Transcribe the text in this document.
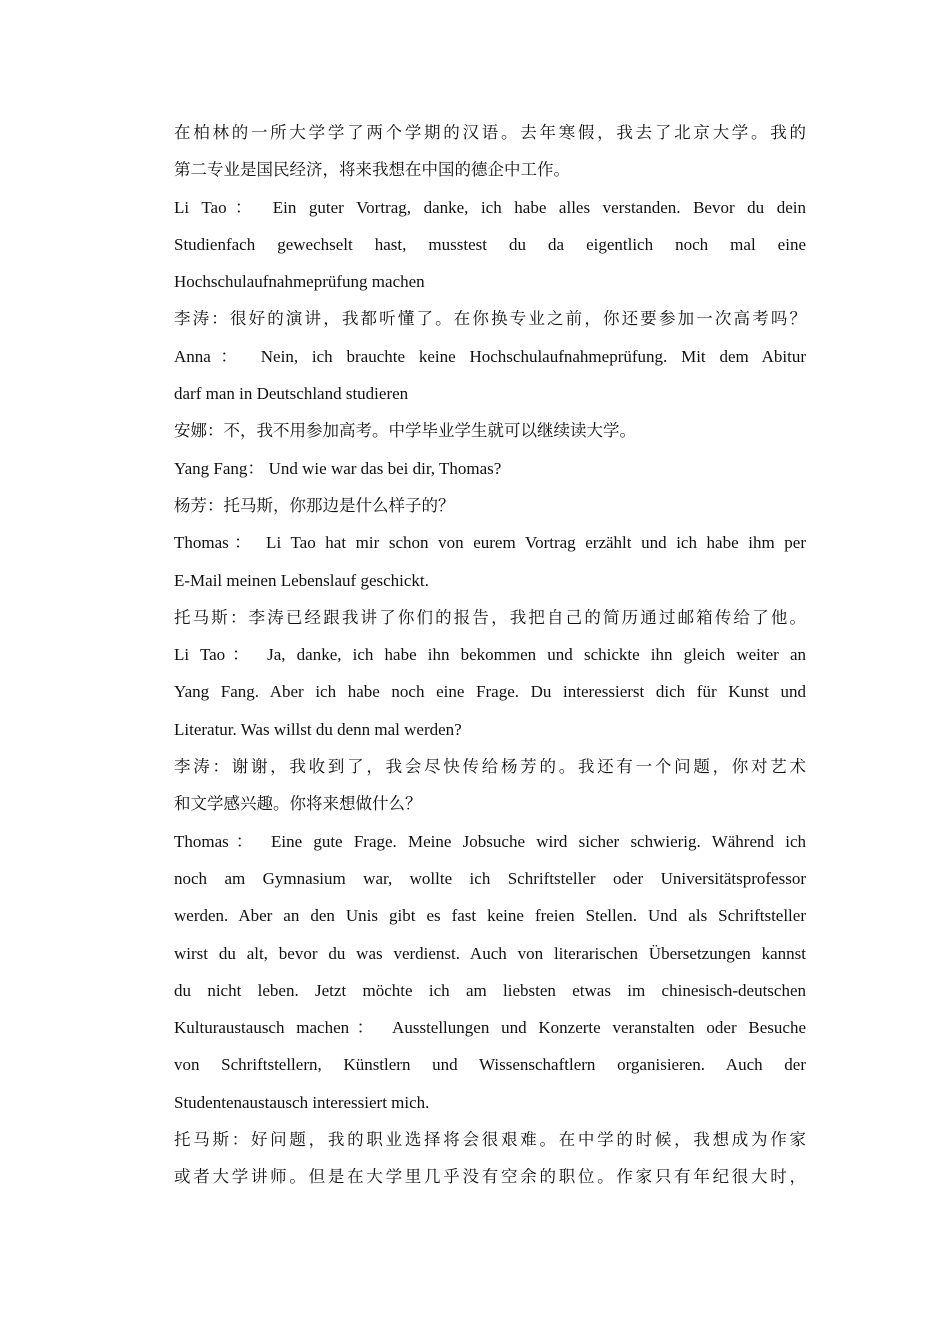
在柏林的一所大学学了两个学期的汉语。去年寒假，我去了北京大学。我的
第二专业是国民经济，将来我想在中国的德企中工作。
Li Tao： Ein guter Vortrag, danke, ich habe alles verstanden. Bevor du dein
Studienfach gewechselt hast, musstest du da eigentlich noch mal eine
Hochschulaufnahmeprüfung machen
李涛：很好的演讲，我都听懂了。在你换专业之前，你还要参加一次高考吗？
Anna： Nein, ich brauchte keine Hochschulaufnahmeprüfung. Mit dem Abitur
darf man in Deutschland studieren
安娜：不，我不用参加高考。中学毕业学生就可以继续读大学。
Yang Fang： Und wie war das bei dir, Thomas?
杨芳：托马斯，你那边是什么样子的？
Thomas： Li Tao hat mir schon von eurem Vortrag erzählt und ich habe ihm per
E-Mail meinen Lebenslauf geschickt.
托马斯：李涛已经跟我讲了你们的报告，我把自己的简历通过邮箱传给了他。
Li Tao： Ja, danke, ich habe ihn bekommen und schickte ihn gleich weiter an
Yang Fang. Aber ich habe noch eine Frage. Du interessierst dich für Kunst und
Literatur. Was willst du denn mal werden?
李涛：谢谢，我收到了，我会尽快传给杨芳的。我还有一个问题，你对艺术
和文学感兴趣。你将来想做什么？
Thomas： Eine gute Frage. Meine Jobsuche wird sicher schwierig. Während ich
noch am Gymnasium war, wollte ich Schriftsteller oder Universitätsprofessor
werden. Aber an den Unis gibt es fast keine freien Stellen. Und als Schriftsteller
wirst du alt, bevor du was verdienst. Auch von literarischen Übersetzungen kannst
du nicht leben. Jetzt möchte ich am liebsten etwas im chinesisch-deutschen
Kulturaustausch machen： Ausstellungen und Konzerte veranstalten oder Besuche
von Schriftstellern, Künstlern und Wissenschaftlern organisieren. Auch der
Studentenaustausch interessiert mich.
托马斯：好问题，我的职业选择将会很艰难。在中学的时候，我想成为作家
或者大学讲师。但是在大学里几乎没有空余的职位。作家只有年纪很大时，
